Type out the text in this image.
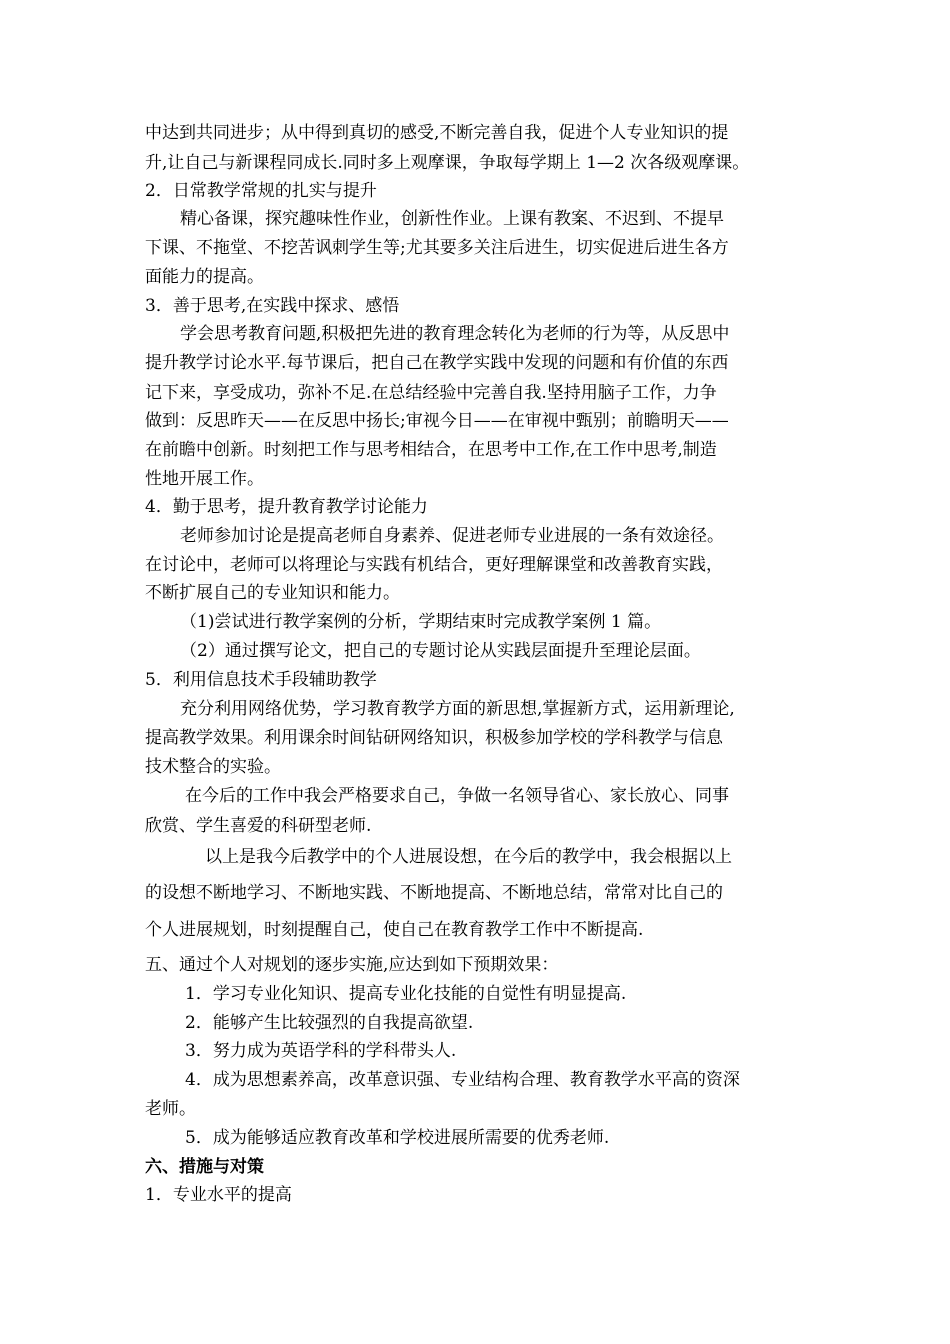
中达到共同进步；从中得到真切的感受,不断完善自我，促进个人专业知识的提
升,让自己与新课程同成长.同时多上观摩课，争取每学期上 1—2 次各级观摩课。
2．日常教学常规的扎实与提升
精心备课，探究趣味性作业，创新性作业。上课有教案、不迟到、不提早
下课、不拖堂、不挖苦讽刺学生等;尤其要多关注后进生，切实促进后进生各方
面能力的提高。
3．善于思考,在实践中探求、感悟
学会思考教育问题,积极把先进的教育理念转化为老师的行为等，从反思中
提升教学讨论水平.每节课后，把自己在教学实践中发现的问题和有价值的东西
记下来，享受成功，弥补不足.在总结经验中完善自我.坚持用脑子工作，力争
做到：反思昨天——在反思中扬长;审视今日——在审视中甄别；前瞻明天——
在前瞻中创新。时刻把工作与思考相结合，在思考中工作,在工作中思考,制造
性地开展工作。
4．勤于思考，提升教育教学讨论能力
老师参加讨论是提高老师自身素养、促进老师专业进展的一条有效途径。
在讨论中，老师可以将理论与实践有机结合，更好理解课堂和改善教育实践，
不断扩展自己的专业知识和能力。
（1)尝试进行教学案例的分析，学期结束时完成教学案例 1 篇。
（2）通过撰写论文，把自己的专题讨论从实践层面提升至理论层面。
5．利用信息技术手段辅助教学
充分利用网络优势，学习教育教学方面的新思想,掌握新方式，运用新理论,
提高教学效果。利用课余时间钻研网络知识，积极参加学校的学科教学与信息
技术整合的实验。
在今后的工作中我会严格要求自己，争做一名领导省心、家长放心、同事
欣赏、学生喜爱的科研型老师.
以上是我今后教学中的个人进展设想，在今后的教学中，我会根据以上
的设想不断地学习、不断地实践、不断地提高、不断地总结，常常对比自己的
个人进展规划，时刻提醒自己，使自己在教育教学工作中不断提高.
五、通过个人对规划的逐步实施,应达到如下预期效果：
1．学习专业化知识、提高专业化技能的自觉性有明显提高.
2．能够产生比较强烈的自我提高欲望.
3．努力成为英语学科的学科带头人.
4．成为思想素养高，改革意识强、专业结构合理、教育教学水平高的资深
老师。
5．成为能够适应教育改革和学校进展所需要的优秀老师.
六、措施与对策
1．专业水平的提高
